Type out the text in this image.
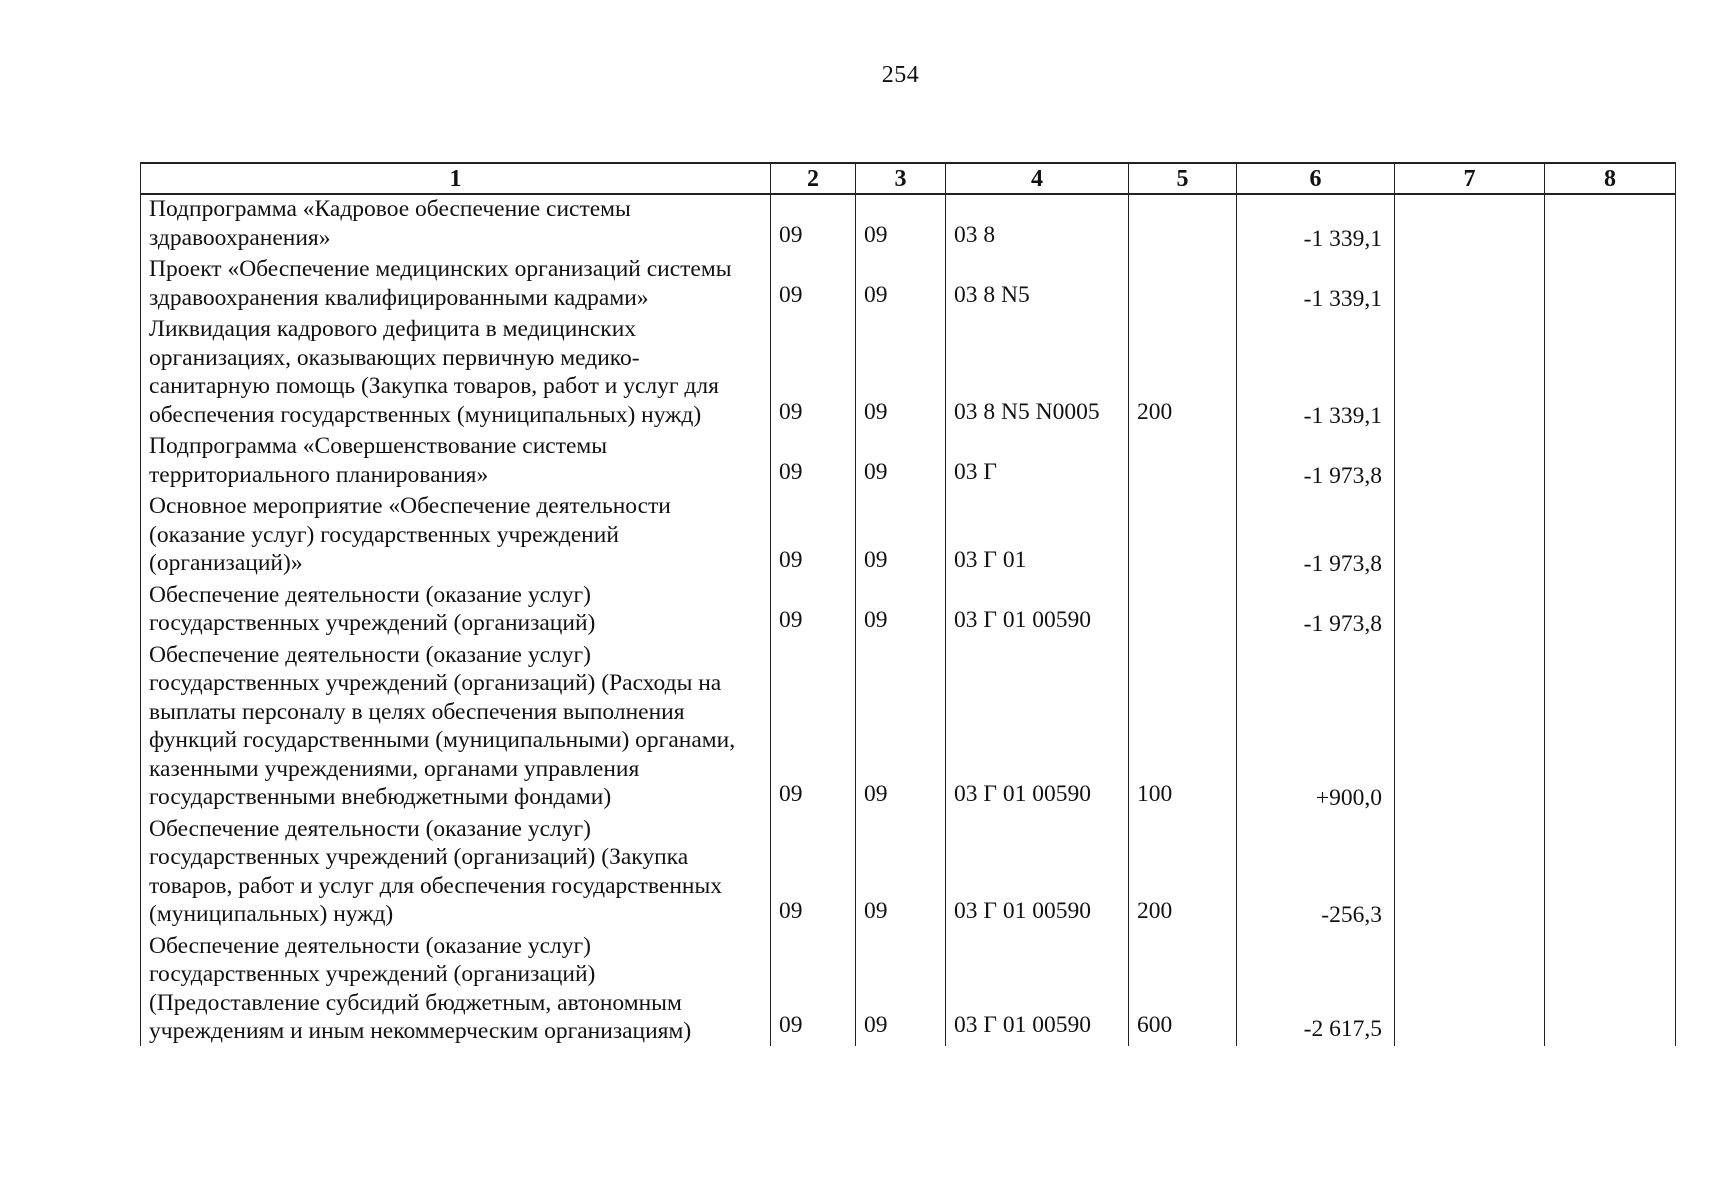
254
1	2	3	4	5	6	7	8
Подпрограмма «Кадровое обеспечение системы здравоохранения»	09	09	03 8		-1 339,1		
Проект «Обеспечение медицинских организаций системы здравоохранения квалифицированными кадрами»	09	09	03 8 N5		-1 339,1		
Ликвидация кадрового дефицита в медицинских организациях, оказывающих первичную медико-санитарную помощь (Закупка товаров, работ и услуг для обеспечения государственных (муниципальных) нужд)	09	09	03 8 N5 N0005	200	-1 339,1		
Подпрограмма «Совершенствование системы территориального планирования»	09	09	03 Г		-1 973,8		
Основное мероприятие «Обеспечение деятельности (оказание услуг) государственных учреждений (организаций)»	09	09	03 Г 01		-1 973,8		
Обеспечение деятельности (оказание услуг) государственных учреждений (организаций)	09	09	03 Г 01 00590		-1 973,8		
Обеспечение деятельности (оказание услуг) государственных учреждений (организаций) (Расходы на выплаты персоналу в целях обеспечения выполнения функций государственными (муниципальными) органами, казенными учреждениями, органами управления государственными внебюджетными фондами)	09	09	03 Г 01 00590	100	+900,0		
Обеспечение деятельности (оказание услуг) государственных учреждений (организаций) (Закупка товаров, работ и услуг для обеспечения государственных (муниципальных) нужд)	09	09	03 Г 01 00590	200	-256,3		
Обеспечение деятельности (оказание услуг) государственных учреждений (организаций) (Предоставление субсидий бюджетным, автономным учреждениям и иным некоммерческим организациям)	09	09	03 Г 01 00590	600	-2 617,5		
